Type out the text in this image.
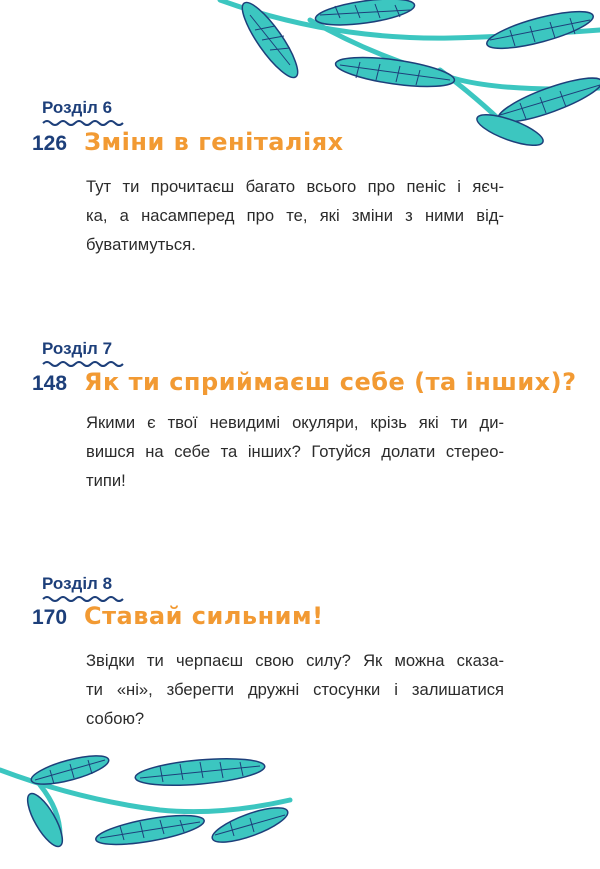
Розділ 6
126 Зміни в геніталіях
Тут ти прочитаєш багато всього про пеніс і яєч-
ка, а насамперед про те, які зміни з ними від-
буватимуться.
Розділ 7
148 Як ти сприймаєш себе (та інших)?
Якими є твої невидимі окуляри, крізь які ти ди-
вишся на себе та інших? Готуйся долати стерео-
типи!
Розділ 8
170 Ставай сильним!
Звідки ти черпаєш свою силу? Як можна сказа-
ти «ні», зберегти дружні стосунки і залишатися
собою?
